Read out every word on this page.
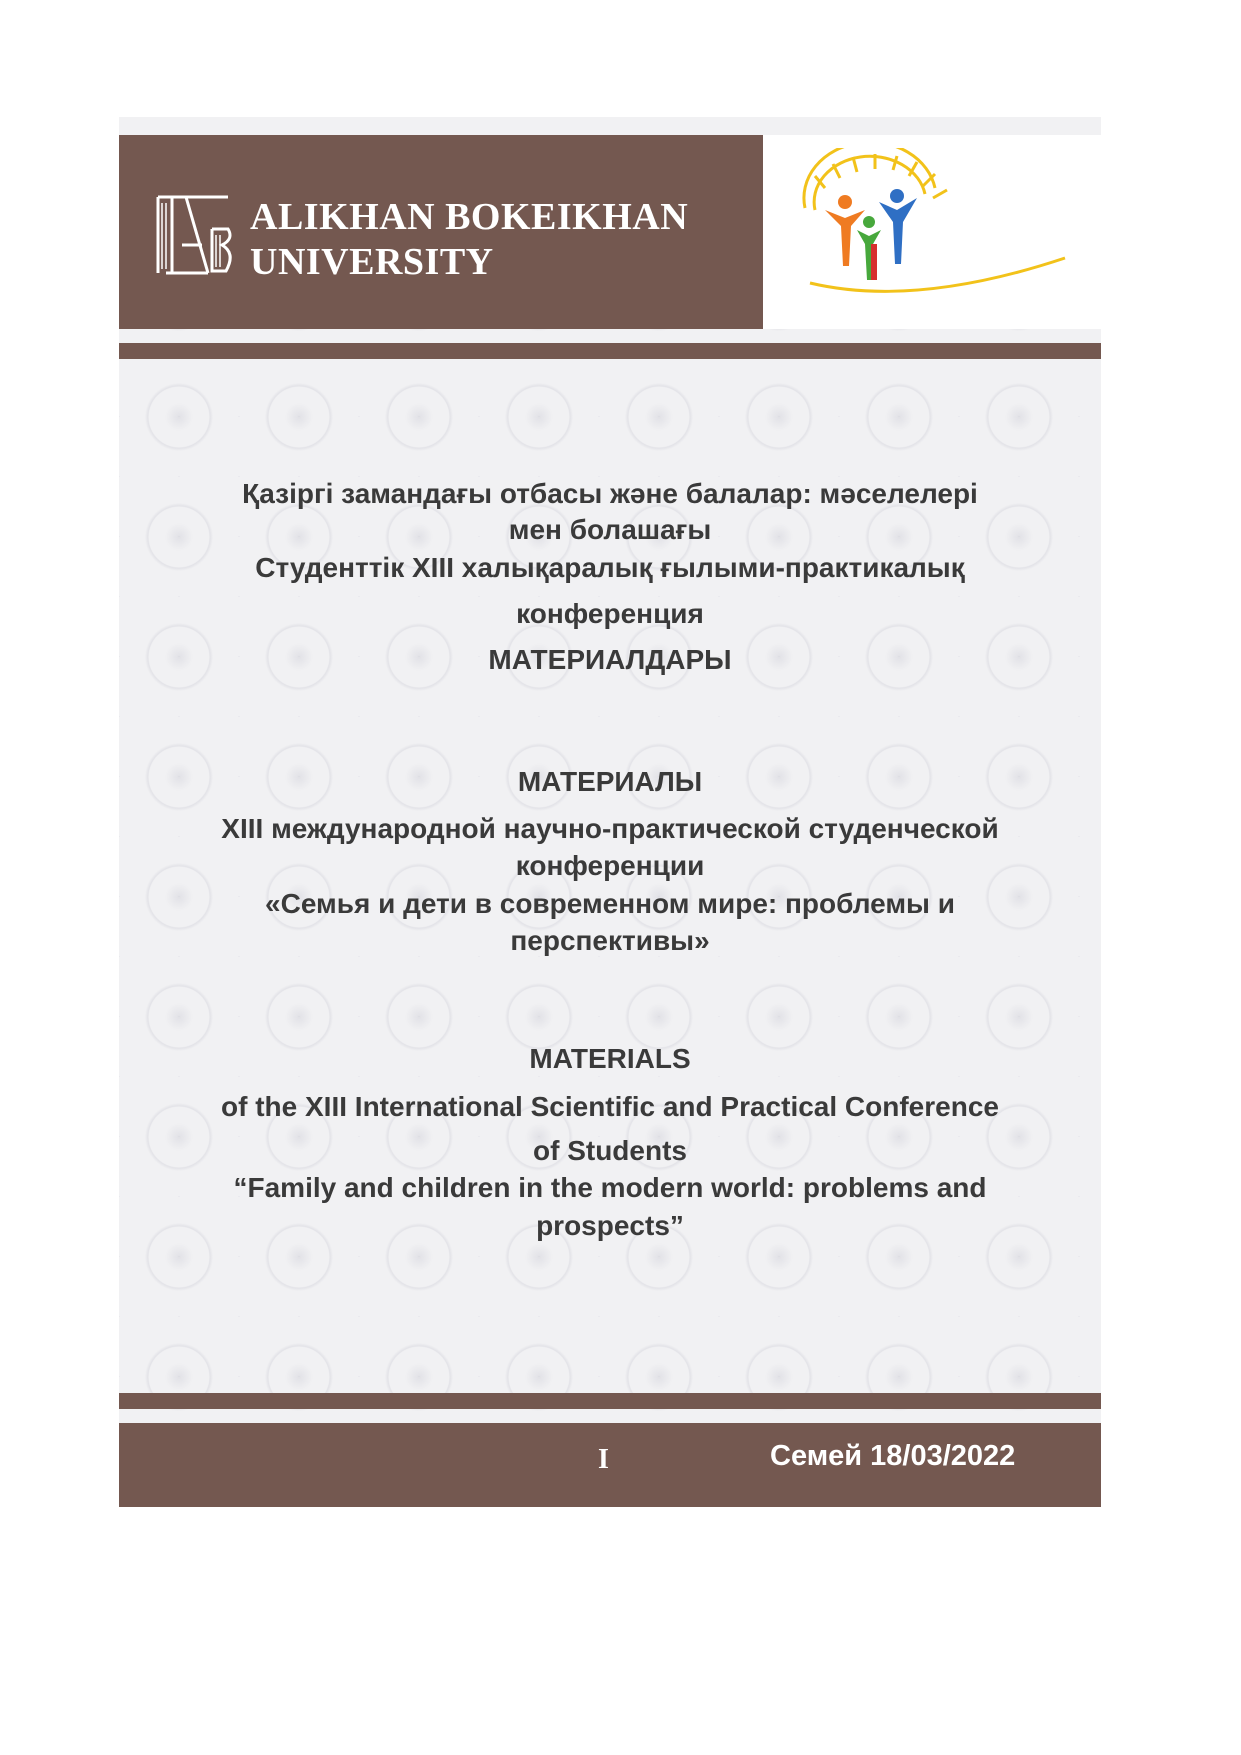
ALIKHAN BOKEIKHAN
UNIVERSITY
Қазіргі замандағы отбасы және балалар: мәселелері
мен болашағы
Студенттік XIII халықаралық ғылыми-практикалық
конференция
МАТЕРИАЛДАРЫ
МАТЕРИАЛЫ
XIII международной научно-практической студенческой
конференции
«Семья и дети в современном мире: проблемы и
перспективы»
MATERIALS
of the XIII International Scientific and Practical Conference
of Students
“Family and children in the modern world: problems and
prospects”
I	Семей 18/03/2022
